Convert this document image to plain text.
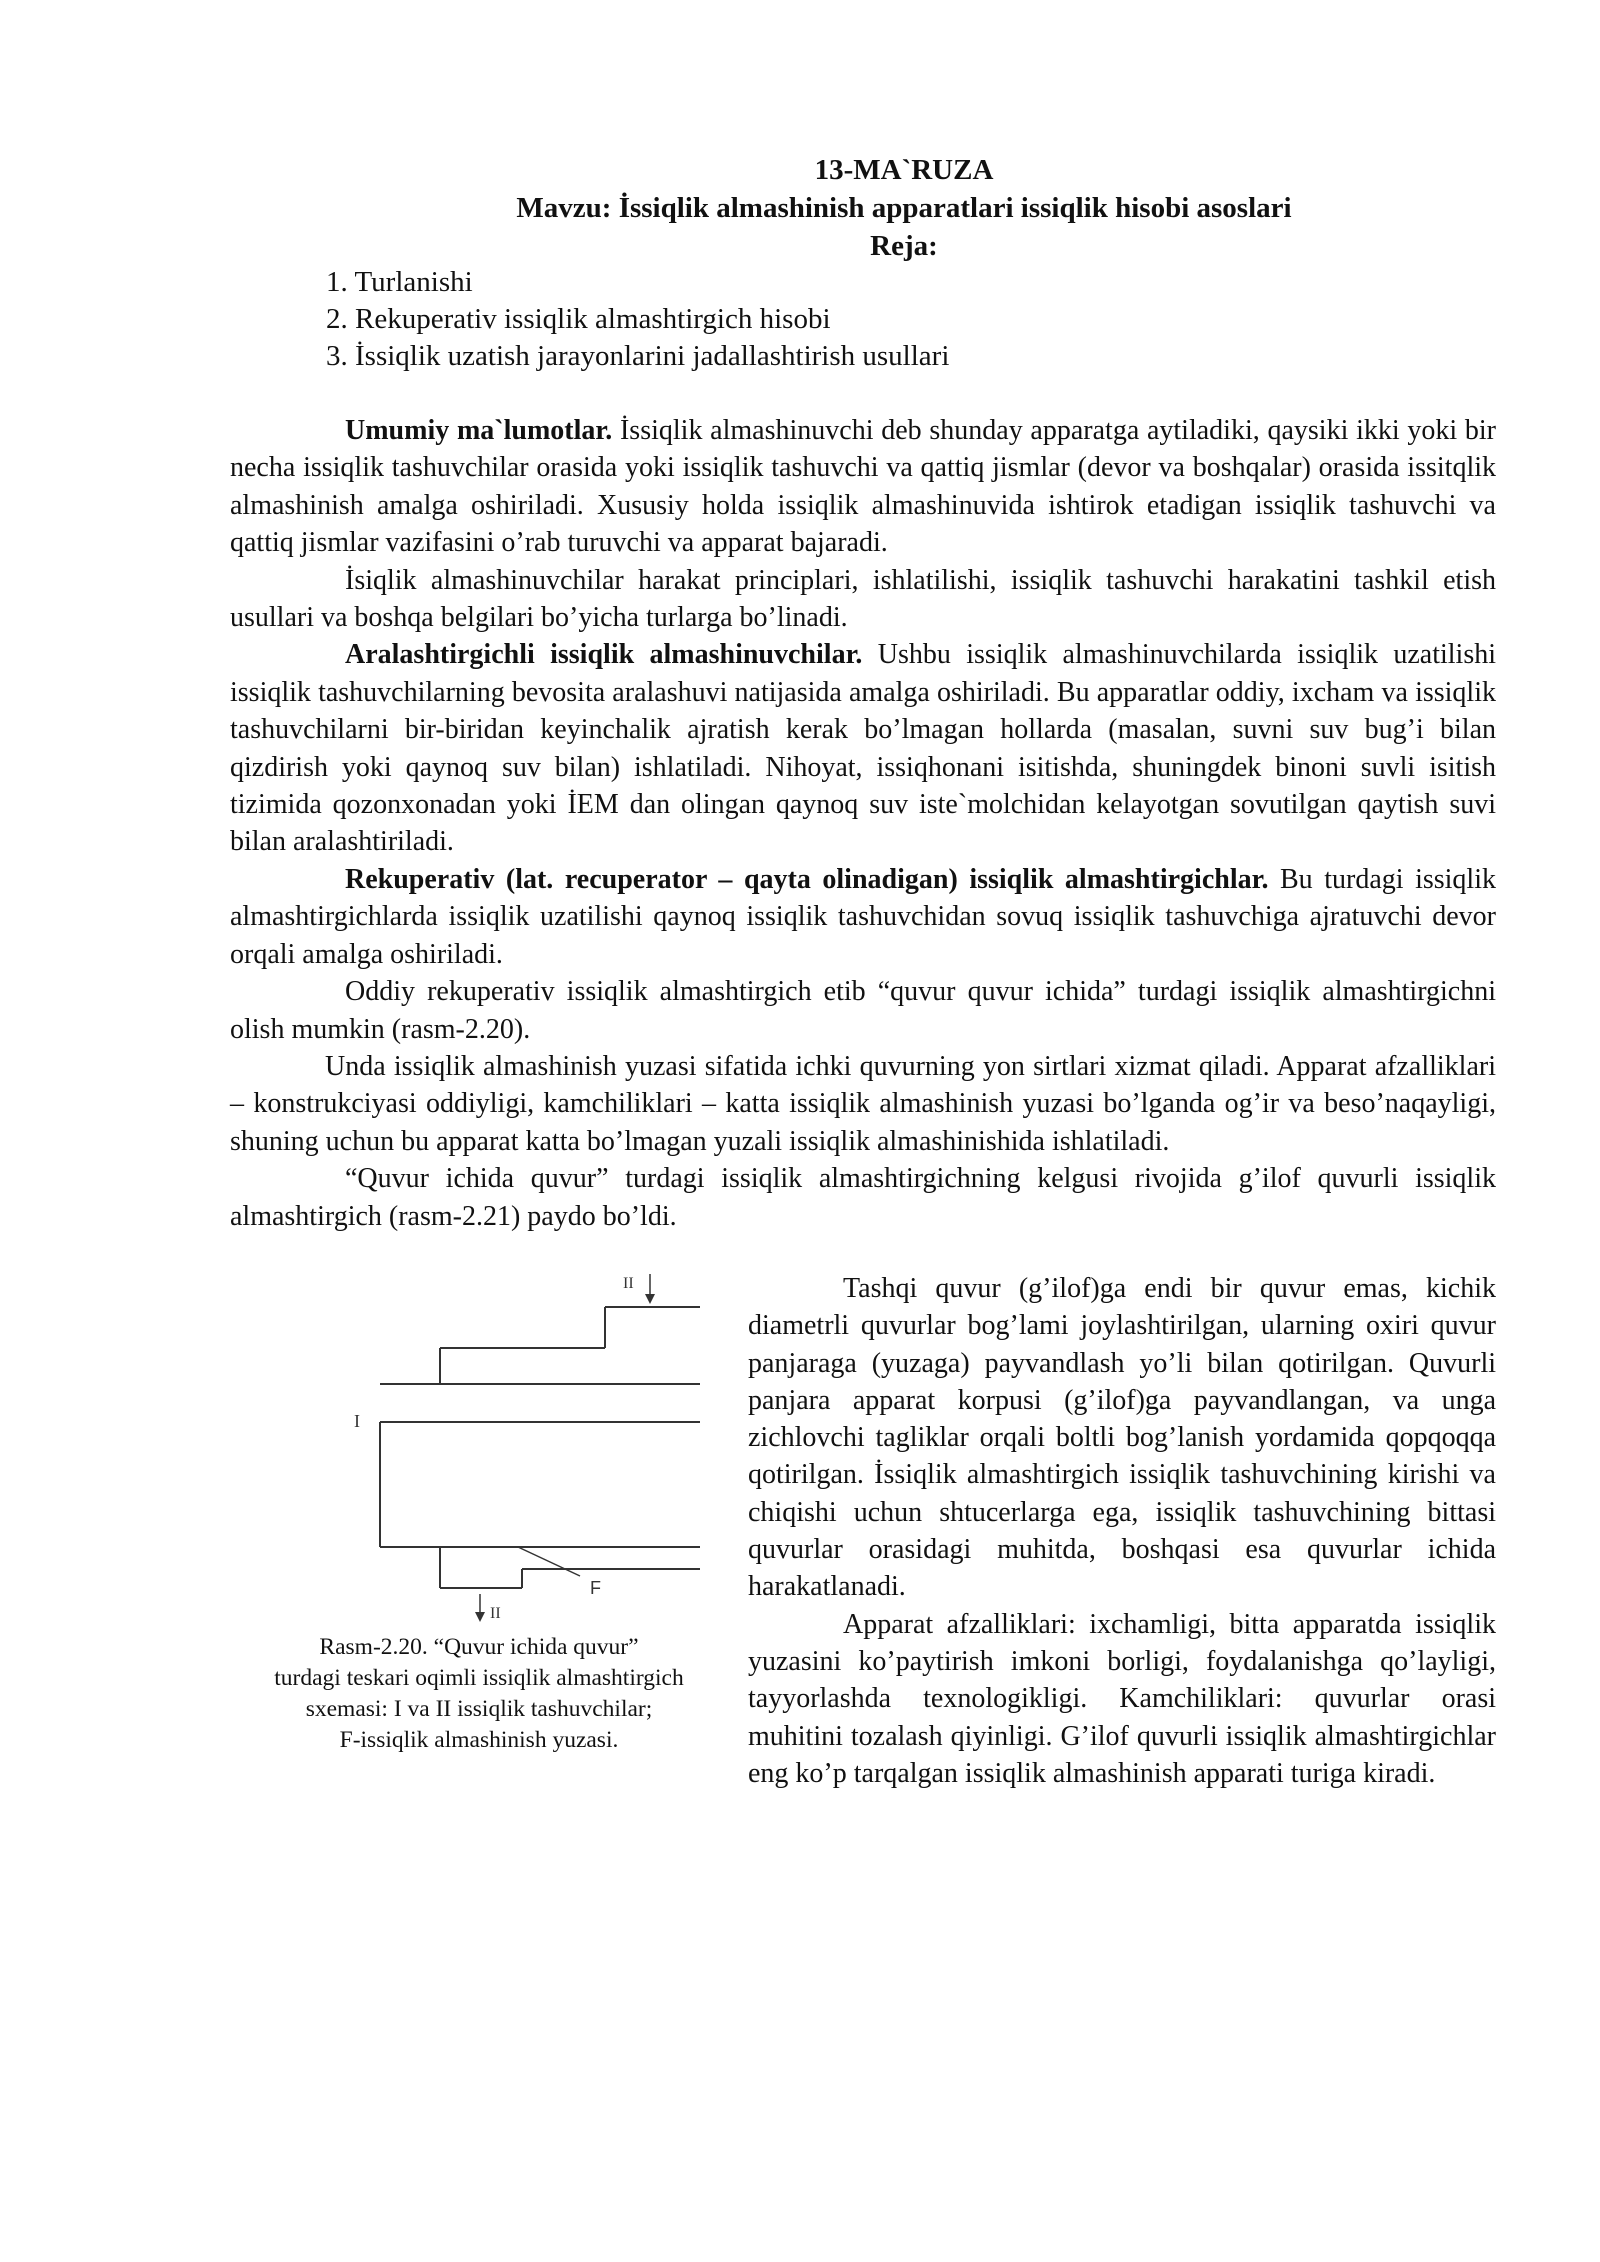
13-MA`RUZA
Mavzu: İssiqlik almashinish apparatlari issiqlik hisobi asoslari
Reja:
1. Turlanishi
2. Rekuperativ issiqlik almashtirgich hisobi
3. İssiqlik uzatish jarayonlarini jadallashtirish usullari

Umumiy ma`lumotlar. İssiqlik almashinuvchi deb shunday apparatga aytiladiki, qaysiki ikki yoki bir necha issiqlik tashuvchilar orasida yoki issiqlik tashuvchi va qattiq jismlar (devor va boshqalar) orasida issitqlik almashinish amalga oshiriladi. Xususiy holda issiqlik almashinuvida ishtirok etadigan issiqlik tashuvchi va qattiq jismlar vazifasini o’rab turuvchi va apparat bajaradi.

İsiqlik almashinuvchilar harakat principlari, ishlatilishi, issiqlik tashuvchi harakatini tashkil etish usullari va boshqa belgilari bo’yicha turlarga bo’linadi.

Aralashtirgichli issiqlik almashinuvchilar. Ushbu issiqlik almashinuvchilarda issiqlik uzatilishi issiqlik tashuvchilarning bevosita aralashuvi natijasida amalga oshiriladi. Bu apparatlar oddiy, ixcham va issiqlik tashuvchilarni bir-biridan keyinchalik ajratish kerak bo’lmagan hollarda (masalan, suvni suv bug’i bilan qizdirish yoki qaynoq suv bilan) ishlatiladi. Nihoyat, issiqhonani isitishda, shuningdek binoni suvli isitish tizimida qozonxonadan yoki İEM dan olingan qaynoq suv iste`molchidan kelayotgan sovutilgan qaytish suvi bilan aralashtiriladi.

Rekuperativ (lat. recuperator – qayta olinadigan) issiqlik almashtirgichlar. Bu turdagi issiqlik almashtirgichlarda issiqlik uzatilishi qaynoq issiqlik tashuvchidan sovuq issiqlik tashuvchiga ajratuvchi devor orqali amalga oshiriladi.

Oddiy rekuperativ issiqlik almashtirgich etib “quvur quvur ichida” turdagi issiqlik almashtirgichni olish mumkin (rasm-2.20).

Unda issiqlik almashinish yuzasi sifatida ichki quvurning yon sirtlari xizmat qiladi. Apparat afzalliklari – konstrukciyasi oddiyligi, kamchiliklari – katta issiqlik almashinish yuzasi bo’lganda og’ir va beso’naqayligi, shuning uchun bu apparat katta bo’lmagan yuzali issiqlik almashinishida ishlatiladi.

“Quvur ichida quvur” turdagi issiqlik almashtirgichning kelgusi rivojida g’ilof quvurli issiqlik almashtirgich (rasm-2.21) paydo bo’ldi.

II
I
F
II
Rasm-2.20. “Quvur ichida quvur”
turdagi teskari oqimli issiqlik almashtirgich
sxemasi: I va II issiqlik tashuvchilar;
F-issiqlik almashinish yuzasi.

Tashqi quvur (g’ilof)ga endi bir quvur emas, kichik diametrli quvurlar bog’lami joylashtirilgan, ularning oxiri quvur panjaraga (yuzaga) payvandlash yo’li bilan qotirilgan. Quvurli panjara apparat korpusi (g’ilof)ga payvandlangan, va unga zichlovchi tagliklar orqali boltli bog’lanish yordamida qopqoqqa qotirilgan. İssiqlik almashtirgich issiqlik tashuvchining kirishi va chiqishi uchun shtucerlarga ega, issiqlik tashuvchining bittasi quvurlar orasidagi muhitda, boshqasi esa quvurlar ichida harakatlanadi.

Apparat afzalliklari: ixchamligi, bitta apparatda issiqlik yuzasini ko’paytirish imkoni borligi, foydalanishga qo’layligi, tayyorlashda texnologikligi. Kamchiliklari: quvurlar orasi muhitini tozalash qiyinligi. G’ilof quvurli issiqlik almashtirgichlar eng ko’p tarqalgan issiqlik almashinish apparati turiga kiradi.
